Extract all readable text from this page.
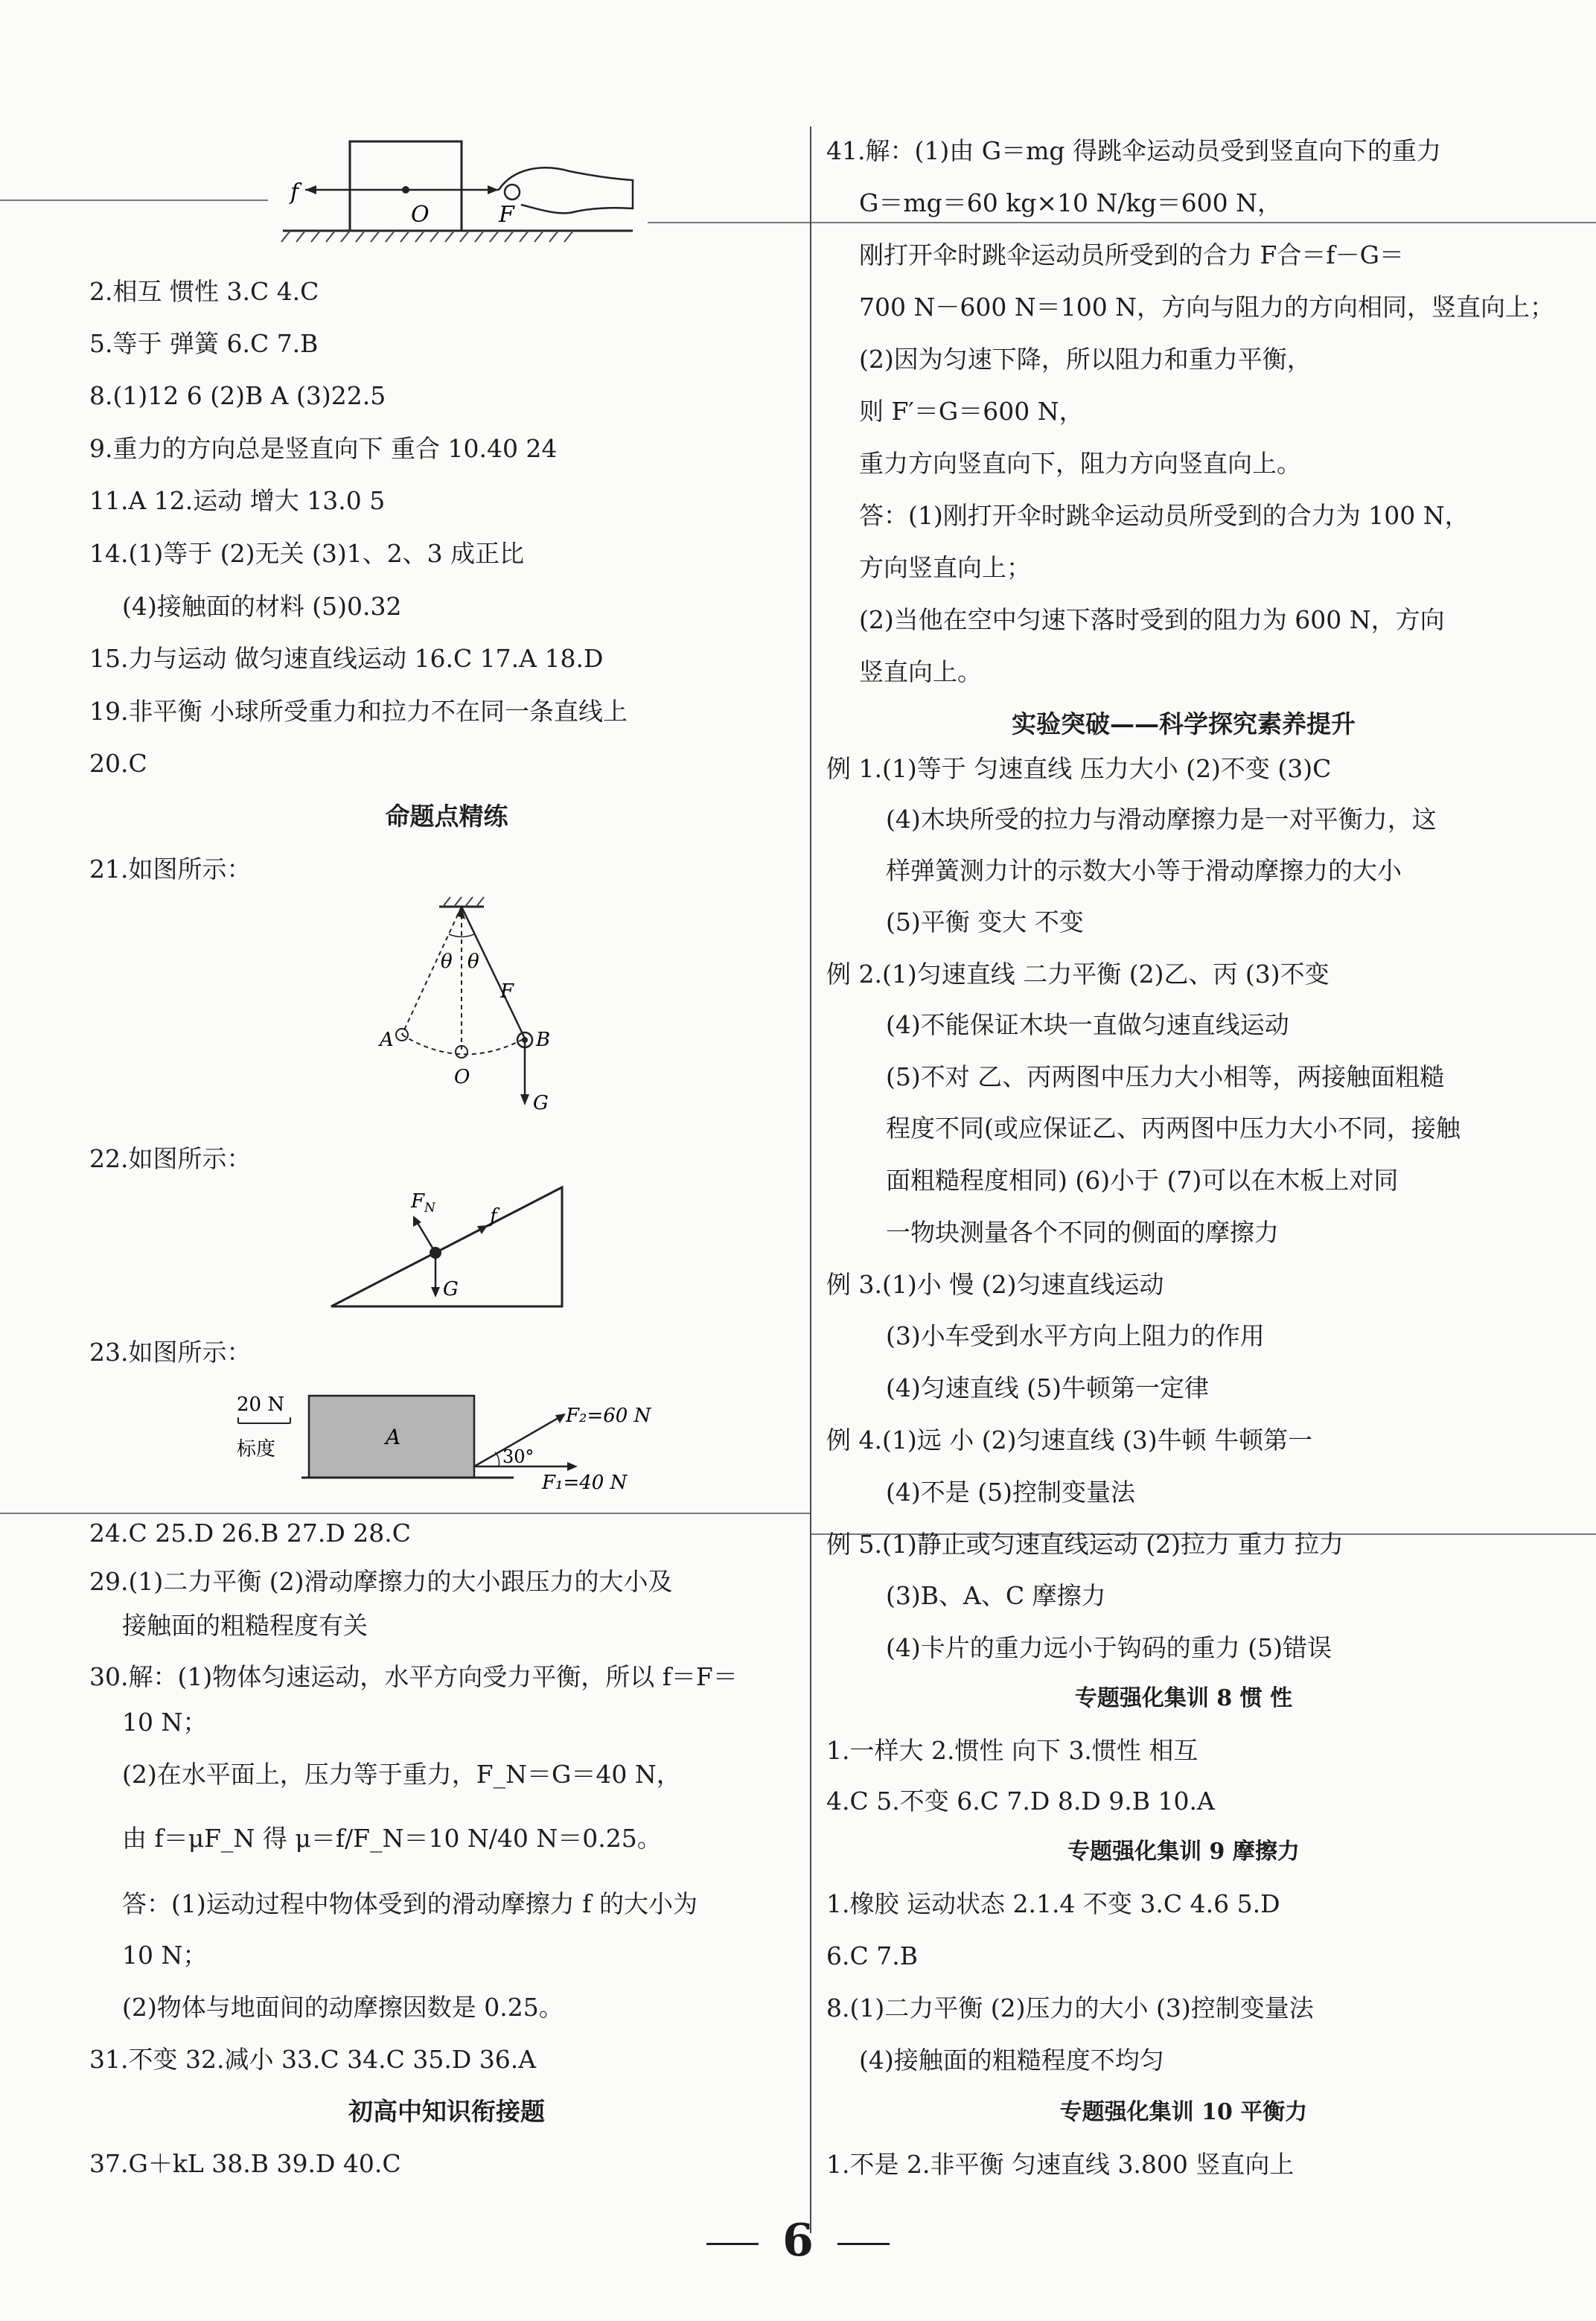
f
O	F
2.相互 惯性 3.C 4.C
5.等于 弹簧 6.C 7.B
8.(1)12 6 (2)B A (3)22.5
9.重力的方向总是竖直向下 重合 10.40 24
11.A 12.运动 增大 13.0 5
14.(1)等于 (2)无关 (3)1、2、3 成正比
(4)接触面的材料 (5)0.32
15.力与运动 做匀速直线运动 16.C 17.A 18.D
19.非平衡 小球所受重力和拉力不在同一条直线上
20.C
命题点精练
21.如图所示：
θ θ
F
A
O
B
G
22.如图所示：
$F_N$	f
G
23.如图所示：
20 N
标度	A
30°
F₂=60 N
F₁=40 N
24.C 25.D 26.B 27.D 28.C
29.(1)二力平衡 (2)滑动摩擦力的大小跟压力的大小及
接触面的粗糙程度有关
30.解：(1)物体匀速运动，水平方向受力平衡，所以 f＝F＝
10 N；
(2)在水平面上，压力等于重力，F_N＝G＝40 N，
由 f＝μF_N 得 μ＝f/F_N＝10 N/40 N＝0.25。
答：(1)运动过程中物体受到的滑动摩擦力 f 的大小为
10 N；
(2)物体与地面间的动摩擦因数是 0.25。
31.不变 32.减小 33.C 34.C 35.D 36.A
初高中知识衔接题
37.G＋kL 38.B 39.D 40.C
41.解：(1)由 G＝mg 得跳伞运动员受到竖直向下的重力
G＝mg＝60 kg×10 N/kg＝600 N，
刚打开伞时跳伞运动员所受到的合力 F合＝f－G＝
700 N－600 N＝100 N，方向与阻力的方向相同，竖直向上；
(2)因为匀速下降，所以阻力和重力平衡，
则 F′＝G＝600 N，
重力方向竖直向下，阻力方向竖直向上。
答：(1)刚打开伞时跳伞运动员所受到的合力为 100 N，
方向竖直向上；
(2)当他在空中匀速下落时受到的阻力为 600 N，方向
竖直向上。
实验突破——科学探究素养提升
例 1.(1)等于 匀速直线 压力大小 (2)不变 (3)C
(4)木块所受的拉力与滑动摩擦力是一对平衡力，这
样弹簧测力计的示数大小等于滑动摩擦力的大小
(5)平衡 变大 不变
例 2.(1)匀速直线 二力平衡 (2)乙、丙 (3)不变
(4)不能保证木块一直做匀速直线运动
(5)不对 乙、丙两图中压力大小相等，两接触面粗糙
程度不同(或应保证乙、丙两图中压力大小不同，接触
面粗糙程度相同) (6)小于 (7)可以在木板上对同
一物块测量各个不同的侧面的摩擦力
例 3.(1)小 慢 (2)匀速直线运动
(3)小车受到水平方向上阻力的作用
(4)匀速直线 (5)牛顿第一定律
例 4.(1)远 小 (2)匀速直线 (3)牛顿 牛顿第一
(4)不是 (5)控制变量法
例 5.(1)静止或匀速直线运动 (2)拉力 重力 拉力
(3)B、A、C 摩擦力
(4)卡片的重力远小于钩码的重力 (5)错误
专题强化集训 8 惯 性
1.一样大 2.惯性 向下 3.惯性 相互
4.C 5.不变 6.C 7.D 8.D 9.B 10.A
专题强化集训 9 摩擦力
1.橡胶 运动状态 2.1.4 不变 3.C 4.6 5.D
6.C 7.B
8.(1)二力平衡 (2)压力的大小 (3)控制变量法
(4)接触面的粗糙程度不均匀
专题强化集训 10 平衡力
1.不是 2.非平衡 匀速直线 3.800 竖直向上
6
